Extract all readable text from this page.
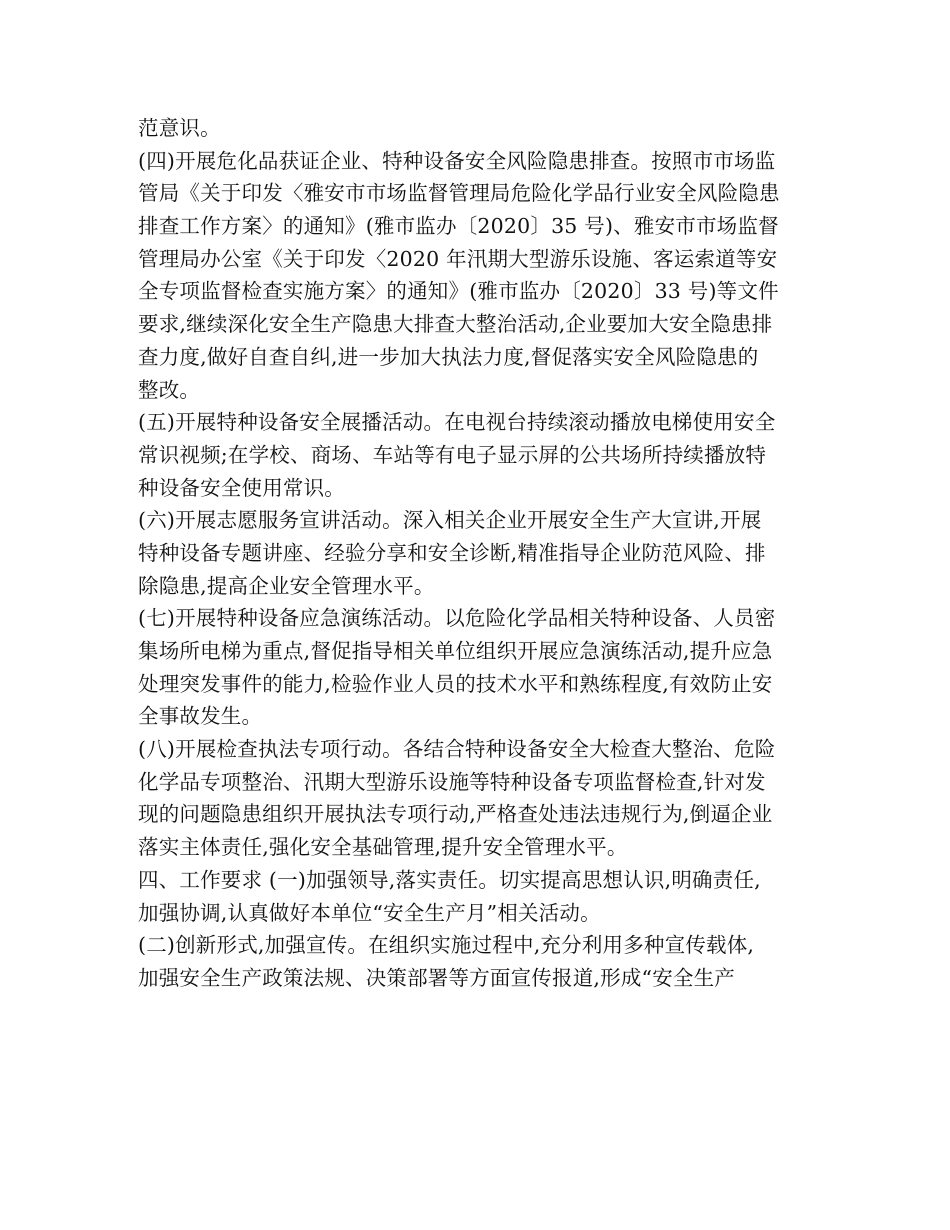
范意识。
(四)开展危化品获证企业、特种设备安全风险隐患排查。按照市市场监
管局《关于印发〈雅安市市场监督管理局危险化学品行业安全风险隐患
排查工作方案〉的通知》(雅市监办〔2020〕35 号)、雅安市市场监督
管理局办公室《关于印发〈2020 年汛期大型游乐设施、客运索道等安
全专项监督检查实施方案〉的通知》(雅市监办〔2020〕33 号)等文件
要求,继续深化安全生产隐患大排查大整治活动,企业要加大安全隐患排
查力度,做好自查自纠,进一步加大执法力度,督促落实安全风险隐患的
整改。
(五)开展特种设备安全展播活动。在电视台持续滚动播放电梯使用安全
常识视频;在学校、商场、车站等有电子显示屏的公共场所持续播放特
种设备安全使用常识。
(六)开展志愿服务宣讲活动。深入相关企业开展安全生产大宣讲,开展
特种设备专题讲座、经验分享和安全诊断,精准指导企业防范风险、排
除隐患,提高企业安全管理水平。
(七)开展特种设备应急演练活动。以危险化学品相关特种设备、人员密
集场所电梯为重点,督促指导相关单位组织开展应急演练活动,提升应急
处理突发事件的能力,检验作业人员的技术水平和熟练程度,有效防止安
全事故发生。
(八)开展检查执法专项行动。各结合特种设备安全大检查大整治、危险
化学品专项整治、汛期大型游乐设施等特种设备专项监督检查,针对发
现的问题隐患组织开展执法专项行动,严格查处违法违规行为,倒逼企业
落实主体责任,强化安全基础管理,提升安全管理水平。
四、工作要求 (一)加强领导,落实责任。切实提高思想认识,明确责任,
加强协调,认真做好本单位“安全生产月”相关活动。
(二)创新形式,加强宣传。在组织实施过程中,充分利用多种宣传载体,
加强安全生产政策法规、决策部署等方面宣传报道,形成“安全生产
